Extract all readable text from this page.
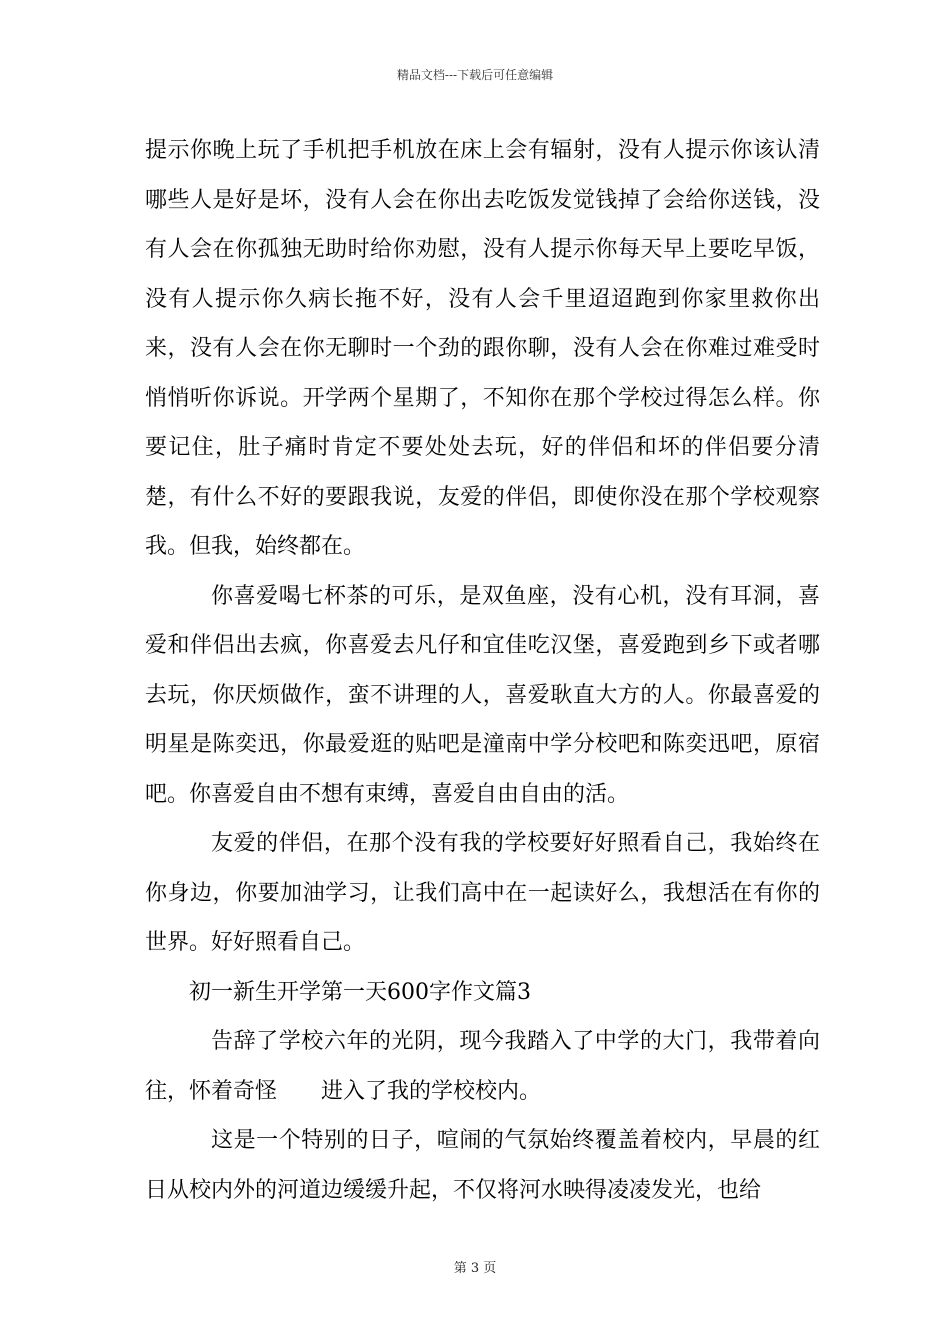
精品文档---下载后可任意编辑

提示你晚上玩了手机把手机放在床上会有辐射，没有人提示你该认清哪些人是好是坏，没有人会在你出去吃饭发觉钱掉了会给你送钱，没有人会在你孤独无助时给你劝慰，没有人提示你每天早上要吃早饭，没有人提示你久病长拖不好，没有人会千里迢迢跑到你家里救你出来，没有人会在你无聊时一个劲的跟你聊，没有人会在你难过难受时悄悄听你诉说。开学两个星期了，不知你在那个学校过得怎么样。你要记住，肚子痛时肯定不要处处去玩，好的伴侣和坏的伴侣要分清楚，有什么不好的要跟我说，友爱的伴侣，即使你没在那个学校观察我。但我，始终都在。

你喜爱喝七杯茶的可乐，是双鱼座，没有心机，没有耳洞，喜爱和伴侣出去疯，你喜爱去凡仔和宜佳吃汉堡，喜爱跑到乡下或者哪去玩，你厌烦做作，蛮不讲理的人，喜爱耿直大方的人。你最喜爱的明星是陈奕迅，你最爱逛的贴吧是潼南中学分校吧和陈奕迅吧，原宿吧。你喜爱自由不想有束缚，喜爱自由自由的活。

友爱的伴侣，在那个没有我的学校要好好照看自己，我始终在你身边，你要加油学习，让我们高中在一起读好么，我想活在有你的世界。好好照看自己。

初一新生开学第一天600字作文篇3

告辞了学校六年的光阴，现今我踏入了中学的大门，我带着向往，怀着奇怪　　进入了我的学校校内。

这是一个特别的日子，喧闹的气氛始终覆盖着校内，早晨的红日从校内外的河道边缓缓升起，不仅将河水映得凌凌发光，也给

第 3 页
